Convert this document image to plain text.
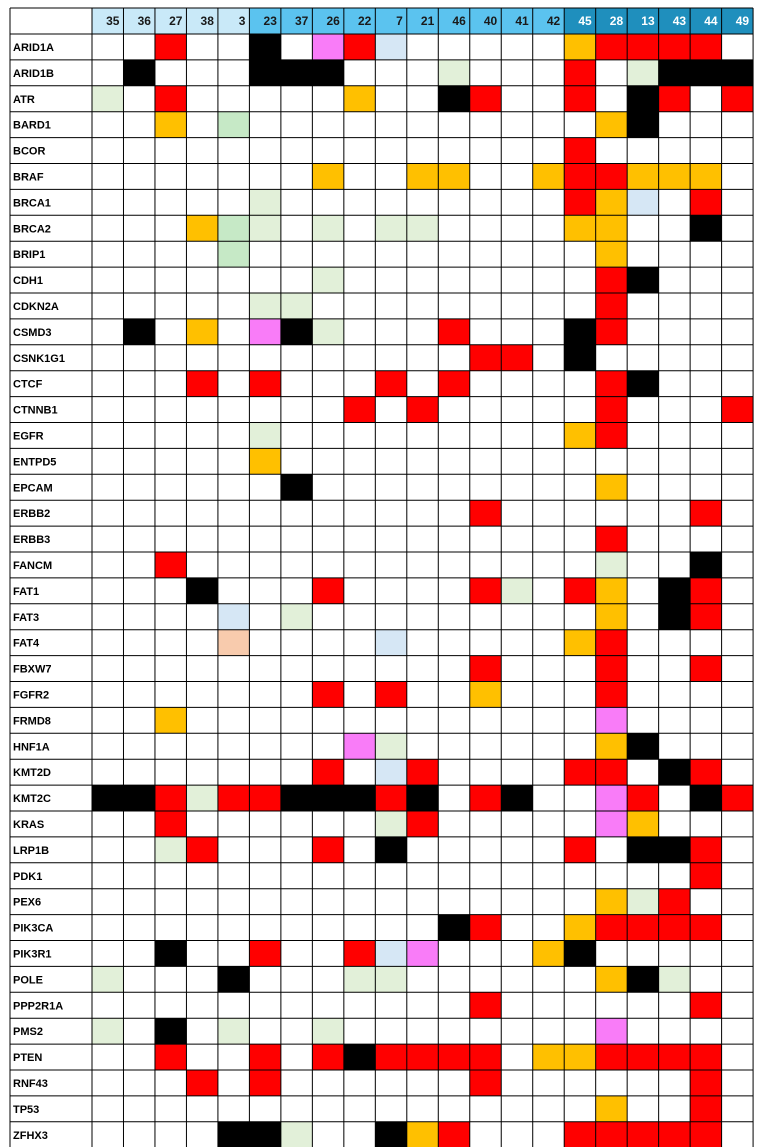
35 36 27 38 3 23 37 26 22 7 21 46 40 41 42 45 28 13 43 44 49
ARID1A
ARID1B
ATR
BARD1
BCOR
BRAF
BRCA1
BRCA2
BRIP1
CDH1
CDKN2A
CSMD3
CSNK1G1
CTCF
CTNNB1
EGFR
ENTPD5
EPCAM
ERBB2
ERBB3
FANCM
FAT1
FAT3
FAT4
FBXW7
FGFR2
FRMD8
HNF1A
KMT2D
KMT2C
KRAS
LRP1B
PDK1
PEX6
PIK3CA
PIK3R1
POLE
PPP2R1A
PMS2
PTEN
RNF43
TP53
ZFHX3
